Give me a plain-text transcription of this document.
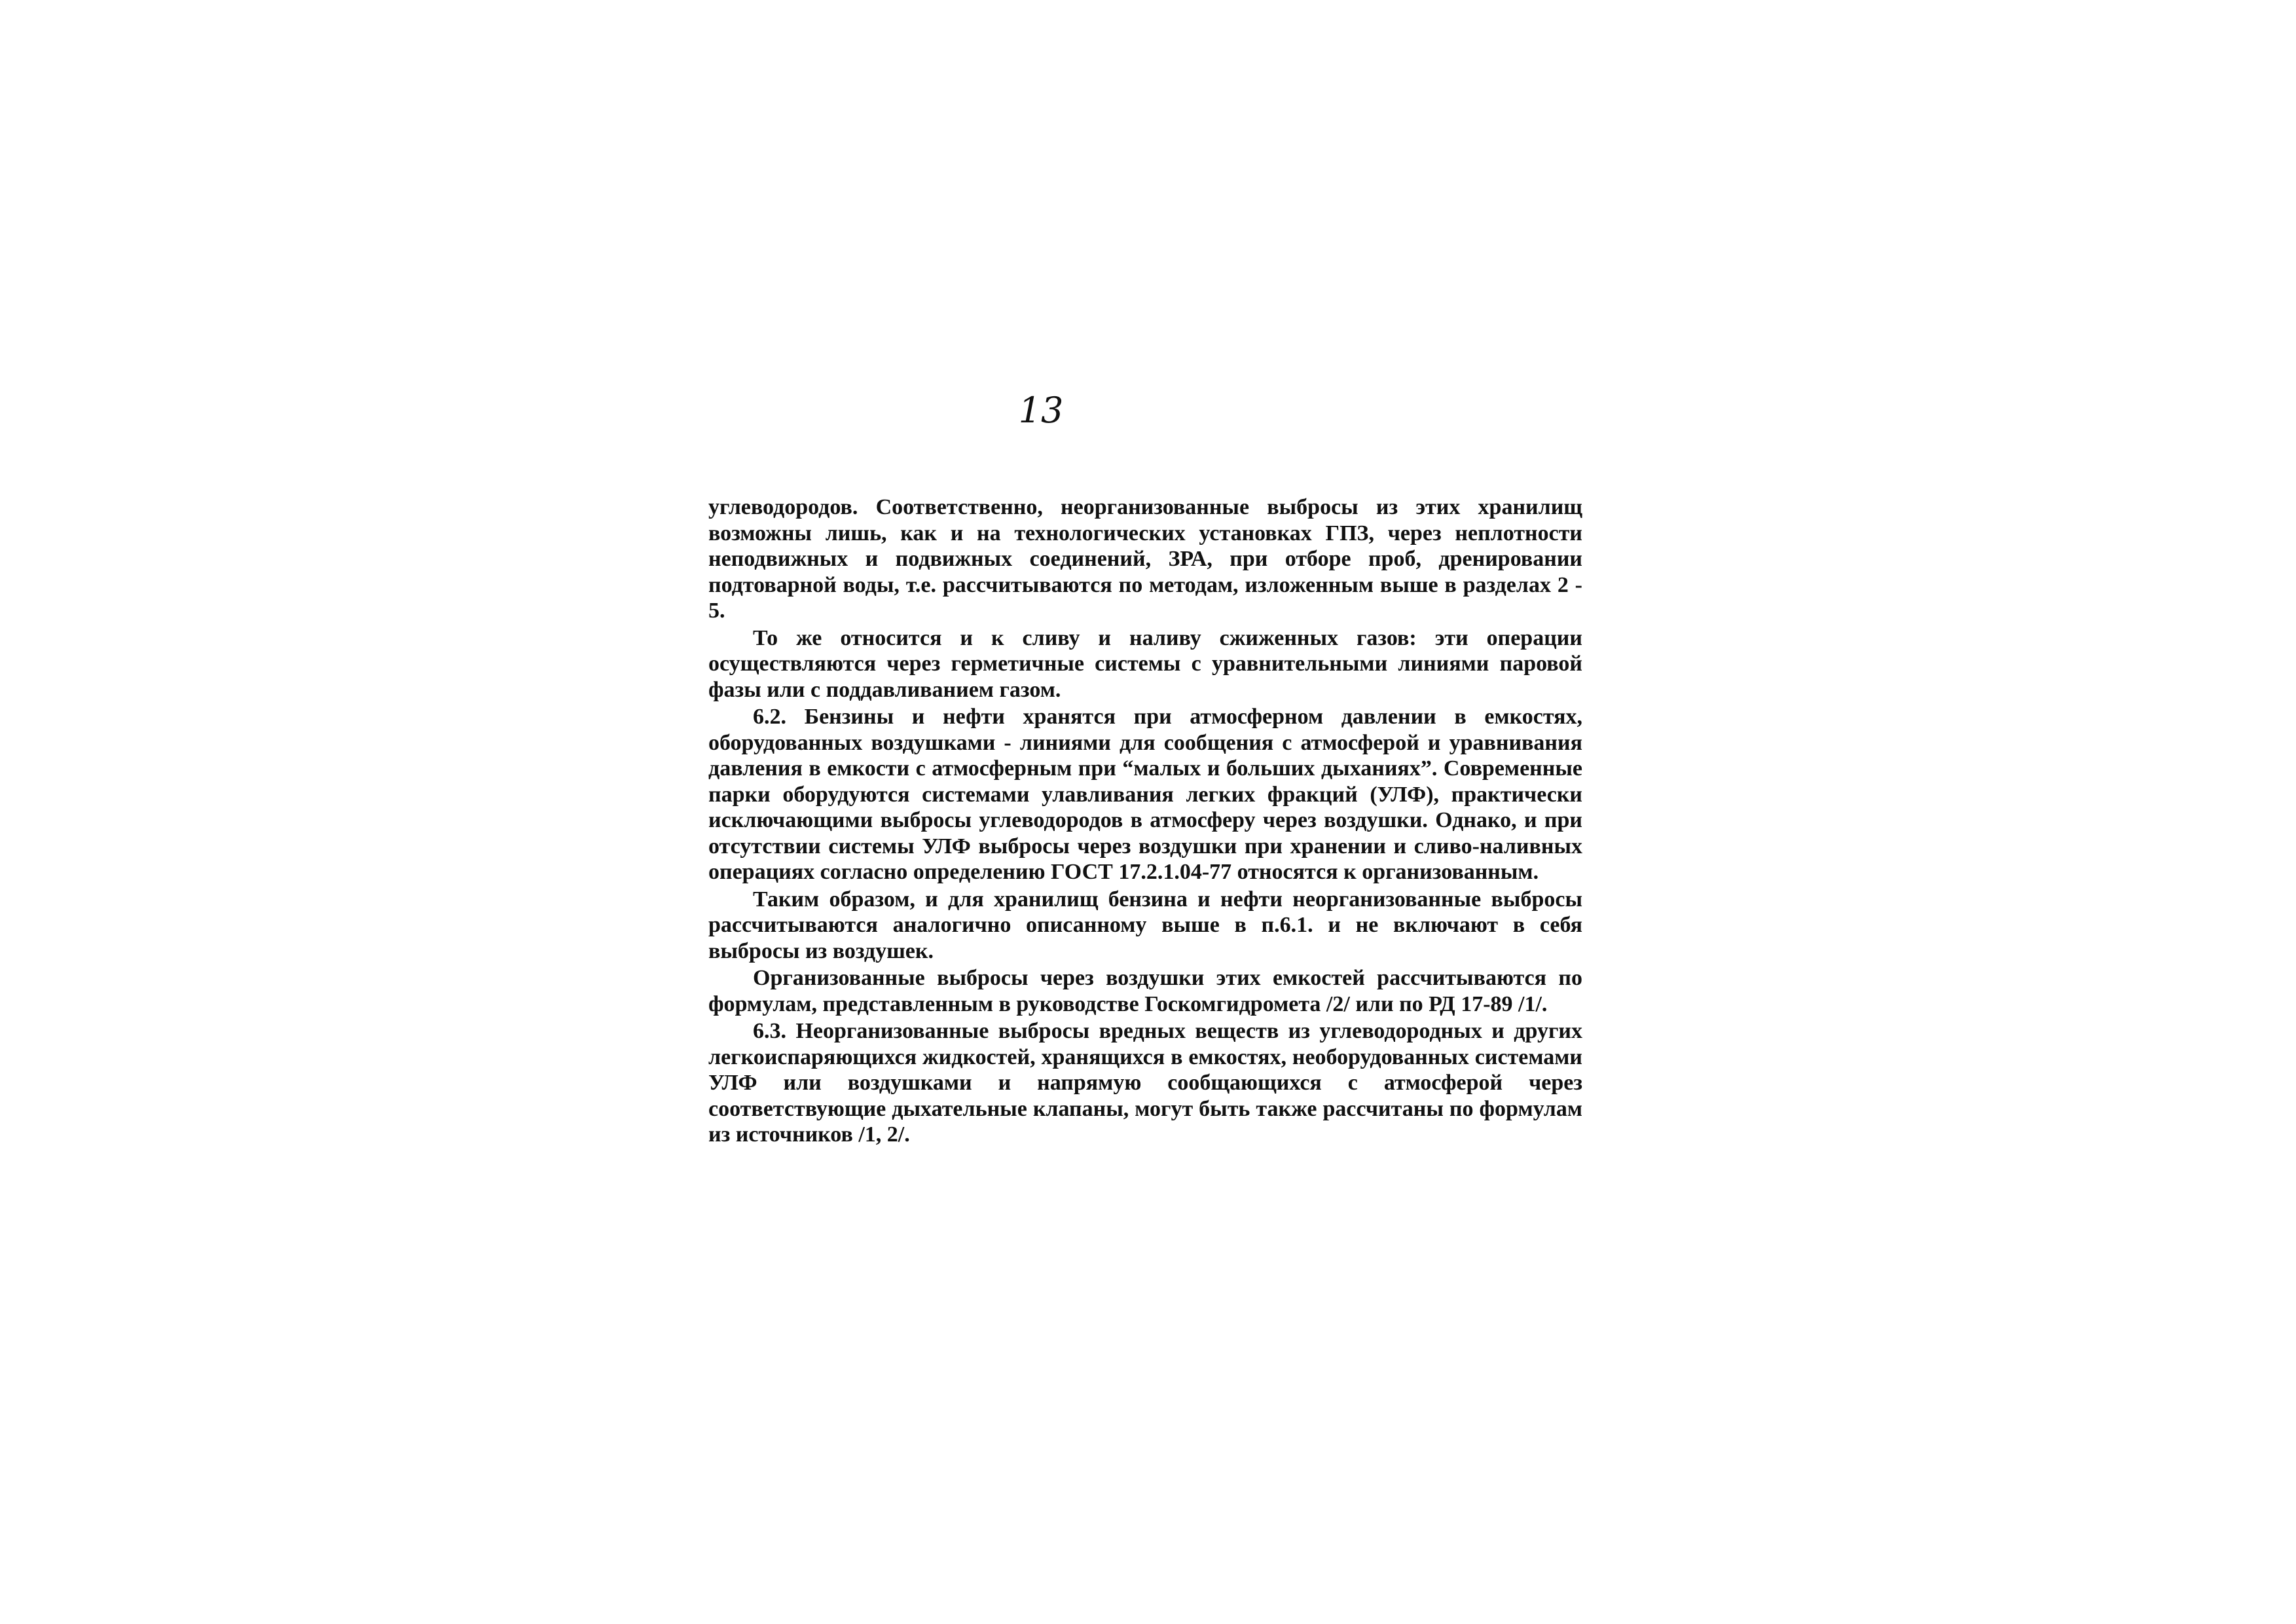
13

углеводородов. Соответственно, неорганизованные выбросы из этих хранилищ возможны лишь, как и на технологических установках ГПЗ, через неплотности неподвижных и подвижных соединений, ЗРА, при отборе проб, дренировании подтоварной воды, т.е. рассчитываются по методам, изложенным выше в разделах 2 - 5.

То же относится и к сливу и наливу сжиженных газов: эти операции осуществляются через герметичные системы с уравнительными линиями паровой фазы или с поддавливанием газом.

6.2. Бензины и нефти хранятся при атмосферном давлении в емкостях, оборудованных воздушками - линиями для сообщения с атмосферой и уравнивания давления в емкости с атмосферным при “малых и больших дыханиях”. Современные парки оборудуются системами улавливания легких фракций (УЛФ), практически исключающими выбросы углеводородов в атмосферу через воздушки. Однако, и при отсутствии системы УЛФ выбросы через воздушки при хранении и сливо-наливных операциях согласно определению ГОСТ 17.2.1.04-77 относятся к организованным.

Таким образом, и для хранилищ бензина и нефти неорганизованные выбросы рассчитываются аналогично описанному выше в п.6.1. и не включают в себя выбросы из воздушек.

Организованные выбросы через воздушки этих емкостей рассчитываются по формулам, представленным в руководстве Госкомгидромета /2/ или по РД 17-89 /1/.

6.3. Неорганизованные выбросы вредных веществ из углеводородных и других легкоиспаряющихся жидкостей, хранящихся в емкостях, необорудованных системами УЛФ или воздушками и напрямую сообщающихся с атмосферой через соответствующие дыхательные клапаны, могут быть также рассчитаны по формулам из источников /1, 2/.
